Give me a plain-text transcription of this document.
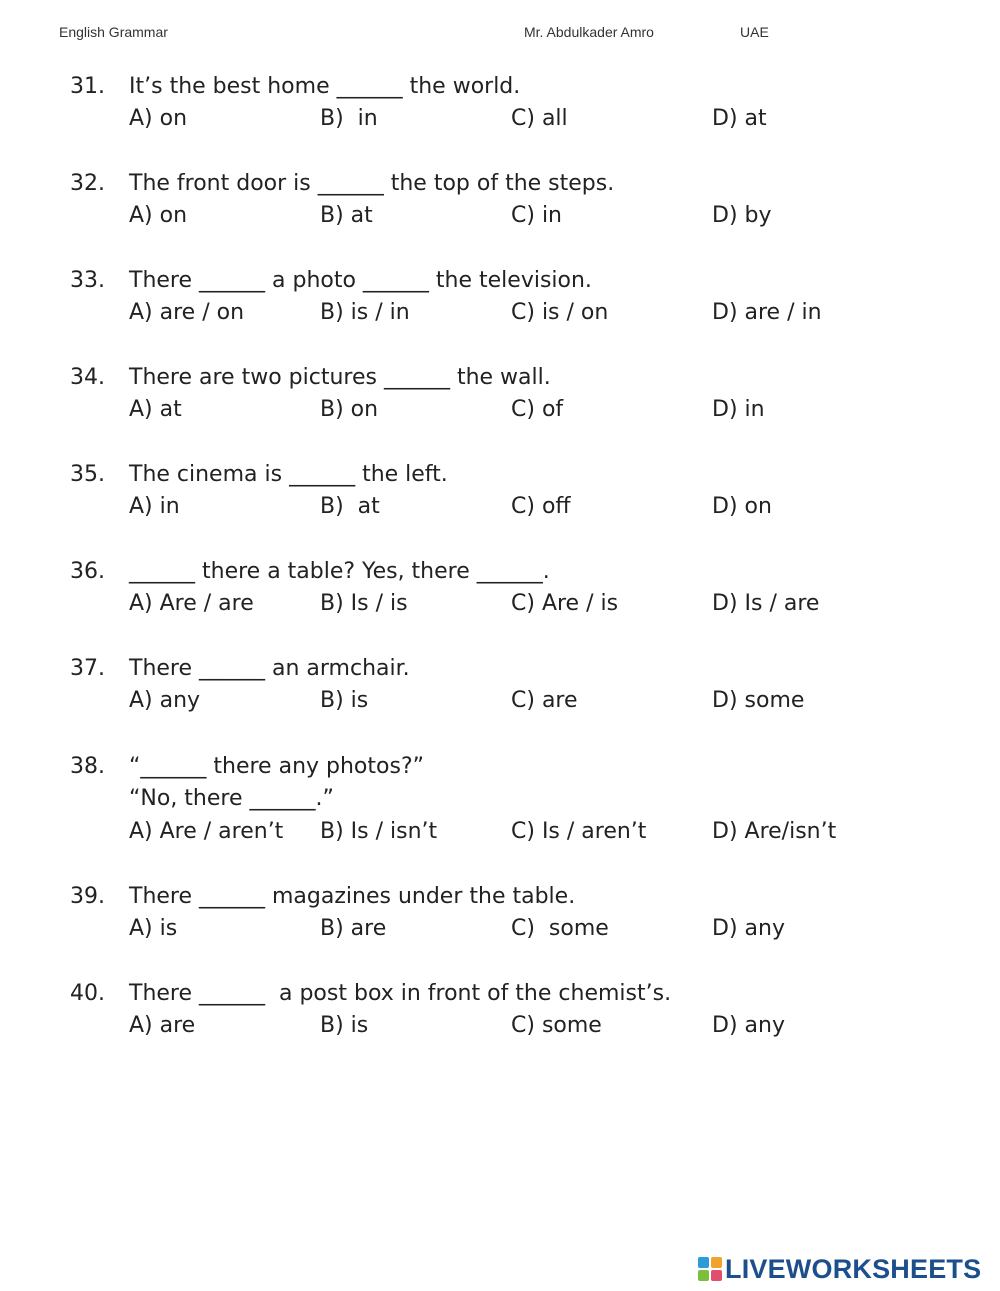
English Grammar	Mr. Abdulkader Amro	UAE
31. It’s the best home ______ the world.
A) on	B)  in	C) all	D) at
32. The front door is ______ the top of the steps.
A) on	B) at	C) in	D) by
33. There ______ a photo ______ the television.
A) are / on	B) is / in	C) is / on	D) are / in
34. There are two pictures ______ the wall.
A) at	B) on	C) of	D) in
35. The cinema is ______ the left.
A) in	B)  at	C) off	D) on
36. ______ there a table? Yes, there ______.
A) Are / are	B) Is / is	C) Are / is	D) Is / are
37. There ______ an armchair.
A) any	B) is	C) are	D) some
38. “______ there any photos?”
“No, there ______.”
A) Are / aren’t B) Is / isn’t	C) Is / aren’t	D) Are/isn’t
39. There ______ magazines under the table.
A) is	B) are	C)  some	D) any
40. There ______  a post box in front of the chemist’s.
A) are	B) is	C) some	D) any
LIVEWORKSHEETS
